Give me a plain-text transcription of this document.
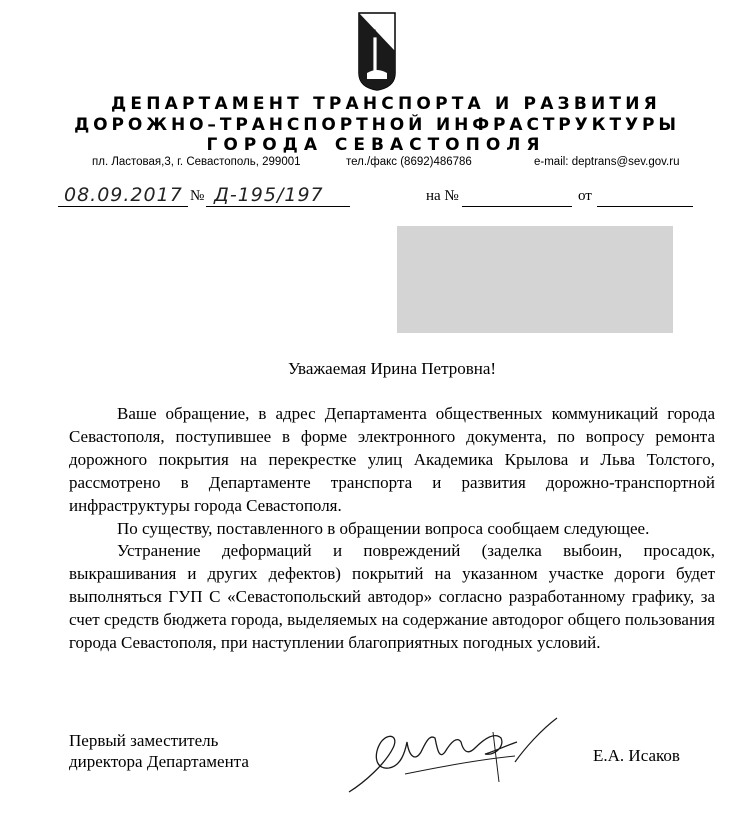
ДЕПАРТАМЕНТ ТРАНСПОРТА И РАЗВИТИЯ
ДОРОЖНО–ТРАНСПОРТНОЙ ИНФРАСТРУКТУРЫ
ГОРОДА СЕВАСТОПОЛЯ
пл. Ластовая,3, г. Севастополь, 299001	тел./факс (8692)486786	e-mail: deptrans@sev.gov.ru
08.09.2017 № Д-195/197	на №	от
Уважаемая Ирина Петровна!

Ваше обращение, в адрес Департамента общественных коммуникаций города Севастополя, поступившее в форме электронного документа, по вопросу ремонта дорожного покрытия на перекрестке улиц Академика Крылова и Льва Толстого, рассмотрено в Департаменте транспорта и развития дорожно-транспортной инфраструктуры города Севастополя.

По существу, поставленного в обращении вопроса сообщаем следующее.

Устранение деформаций и повреждений (заделка выбоин, просадок, выкрашивания и других дефектов) покрытий на указанном участке дороги будет выполняться ГУП С «Севастопольский автодор» согласно разработанному графику, за счет средств бюджета города, выделяемых на содержание автодорог общего пользования города Севастополя, при наступлении благоприятных погодных условий.

Первый заместитель
директора Департамента	Е.А. Исаков
